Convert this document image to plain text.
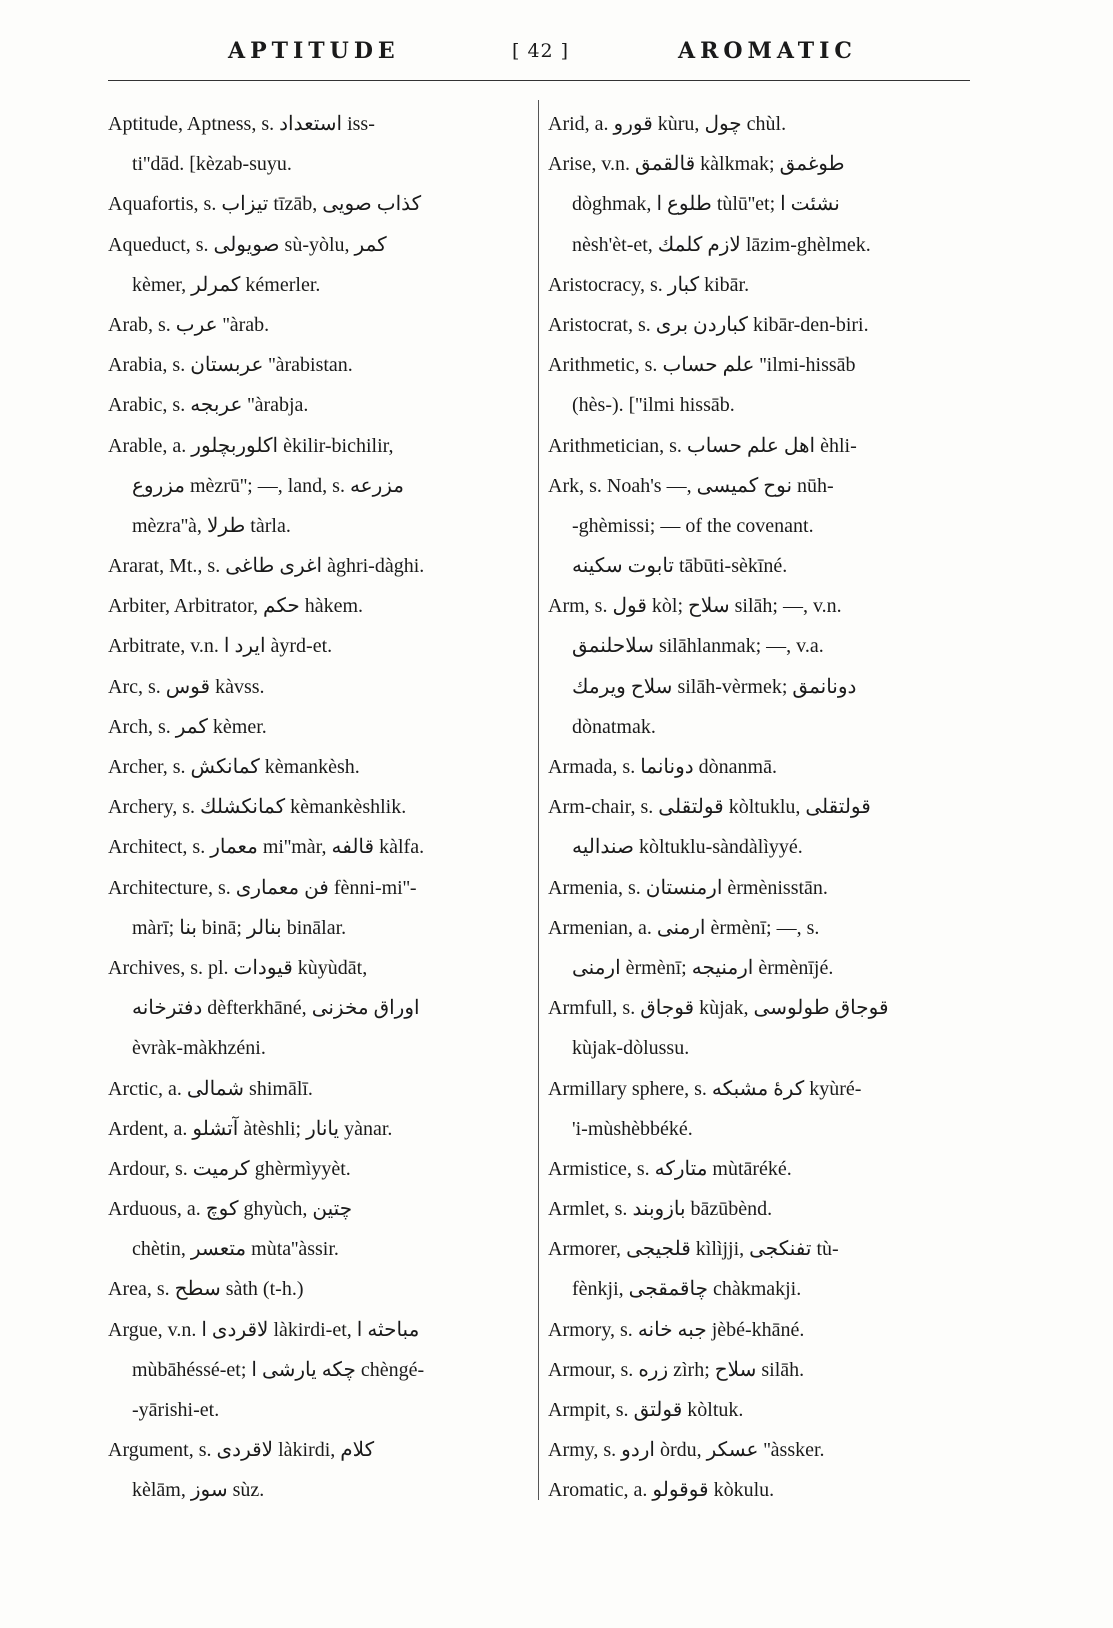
APTITUDE	[ 42 ]	AROMATIC
Aptitude, Aptness, s. استعداد iss-
ti''dād. [kèzab-suyu.
Aquafortis, s. تيزاب tīzāb, كذاب صويى
Aqueduct, s. صويولى sù-yòlu, كمر
kèmer, كمرلر kémerler.
Arab, s. عرب ''àrab.
Arabia, s. عربستان ''àrabistan.
Arabic, s. عربجه ''àrabja.
Arable, a. اكلوربچلور èkilir-bichilir,
مزروع mèzrū''; —, land, s. مزرعه
mèzra''à, طرلا tàrla.
Ararat, Mt., s. اغرى طاغى àghri-dàghi.
Arbiter, Arbitrator, حكم hàkem.
Arbitrate, v.n. ايرد ا àyrd-et.
Arc, s. قوس kàvss.
Arch, s. كمر kèmer.
Archer, s. كمانكش kèmankèsh.
Archery, s. كمانكشلك kèmankèshlik.
Architect, s. معمار mi''màr, قالفه kàlfa.
Architecture, s. فن معمارى fènni-mi''-
màrī; بنا binā; بنالر binālar.
Archives, s. pl. قيودات kùyùdāt,
دفترخانه dèfterkhāné, اوراق مخزنى
èvràk-màkhzéni.
Arctic, a. شمالى shimālī.
Ardent, a. آتشلو àtèshli; يانار yànar.
Ardour, s. كرميت ghèrmìyyèt.
Arduous, a. كوچ ghyùch, چتين
chètin, متعسر mùta''àssir.
Area, s. سطح sàth (t-h.)
Argue, v.n. لاقردى ا làkirdi-et, مباحثه ا
mùbāhéssé-et; چكه يارشى ا chèngé-
-yārishi-et.
Argument, s. لاقردى làkirdi, كلام
kèlām, سوز sùz.
Arid, a. قورو kùru, چول chùl.
Arise, v.n. قالقمق kàlkmak; طوغمق
dòghmak, طلوع ا tùlū''et; نشئت ا
nèsh'èt-et, لازم كلمك lāzim-ghèlmek.
Aristocracy, s. كبار kibār.
Aristocrat, s. كباردن برى kibār-den-biri.
Arithmetic, s. علم حساب ''ilmi-hissāb
(hès-). [''ilmi hissāb.
Arithmetician, s. اهل علم حساب èhli-
Ark, s. Noah's —, نوح كميسى nūh-
-ghèmissi; — of the covenant.
تابوت سكينه tābūti-sèkīné.
Arm, s. قول kòl; سلاح silāh; —, v.n.
سلاحلنمق silāhlanmak; —, v.a.
سلاح ويرمك silāh-vèrmek; دونانمق
dònatmak.
Armada, s. دونانما dònanmā.
Arm-chair, s. قولتقلى kòltuklu, قولتقلى
صندالیه kòltuklu-sàndàlìyyé.
Armenia, s. ارمنستان èrmènisstān.
Armenian, a. ارمنى èrmènī; —, s.
ارمنى èrmènī; ارمنيجه èrmènījé.
Armfull, s. قوجاق kùjak, قوجاق طولوسى
kùjak-dòlussu.
Armillary sphere, s. كرهٔ مشبكه kyùré-
'i-mùshèbbéké.
Armistice, s. متاركه mùtāréké.
Armlet, s. بازوبند bāzūbènd.
Armorer, قلجيجى kìlìjji, تفنكجى tù-
fènkji, چاقمقجى chàkmakji.
Armory, s. جبه خانه jèbé-khāné.
Armour, s. زره zìrh; سلاح silāh.
Armpit, s. قولتق kòltuk.
Army, s. اردو òrdu, عسكر ''àssker.
Aromatic, a. قوقولو kòkulu.
